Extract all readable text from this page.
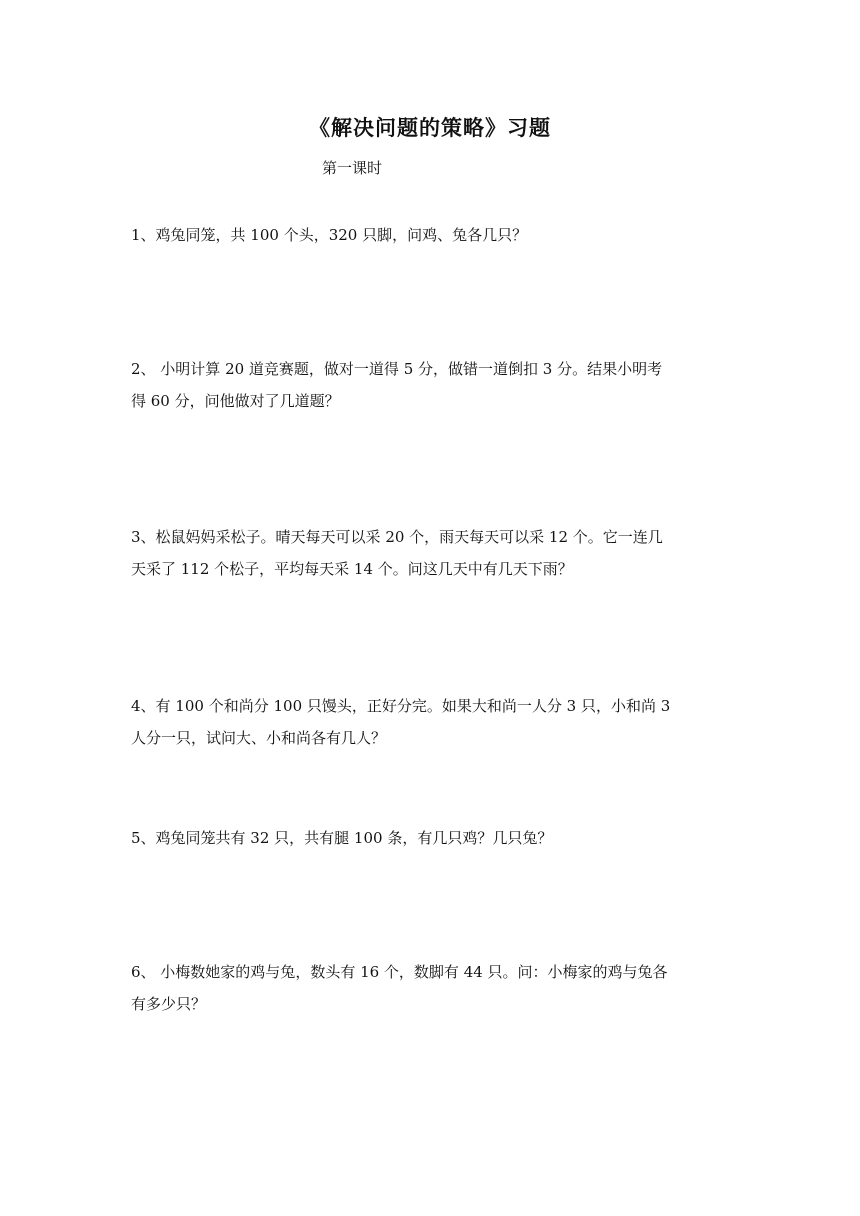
《解决问题的策略》习题

第一课时

1、鸡兔同笼，共 100 个头，320 只脚，问鸡、兔各几只？
2、 小明计算 20 道竞赛题，做对一道得 5 分，做错一道倒扣 3 分。结果小明考
得 60 分，问他做对了几道题？
3、松鼠妈妈采松子。晴天每天可以采 20 个，雨天每天可以采 12 个。它一连几
天采了 112 个松子，平均每天采 14 个。问这几天中有几天下雨？
4、有 100 个和尚分 100 只馒头，正好分完。如果大和尚一人分 3 只，小和尚 3
人分一只，试问大、小和尚各有几人？
5、鸡兔同笼共有 32 只，共有腿 100 条，有几只鸡？几只兔？
6、 小梅数她家的鸡与兔，数头有 16 个，数脚有 44 只。问：小梅家的鸡与兔各
有多少只？
